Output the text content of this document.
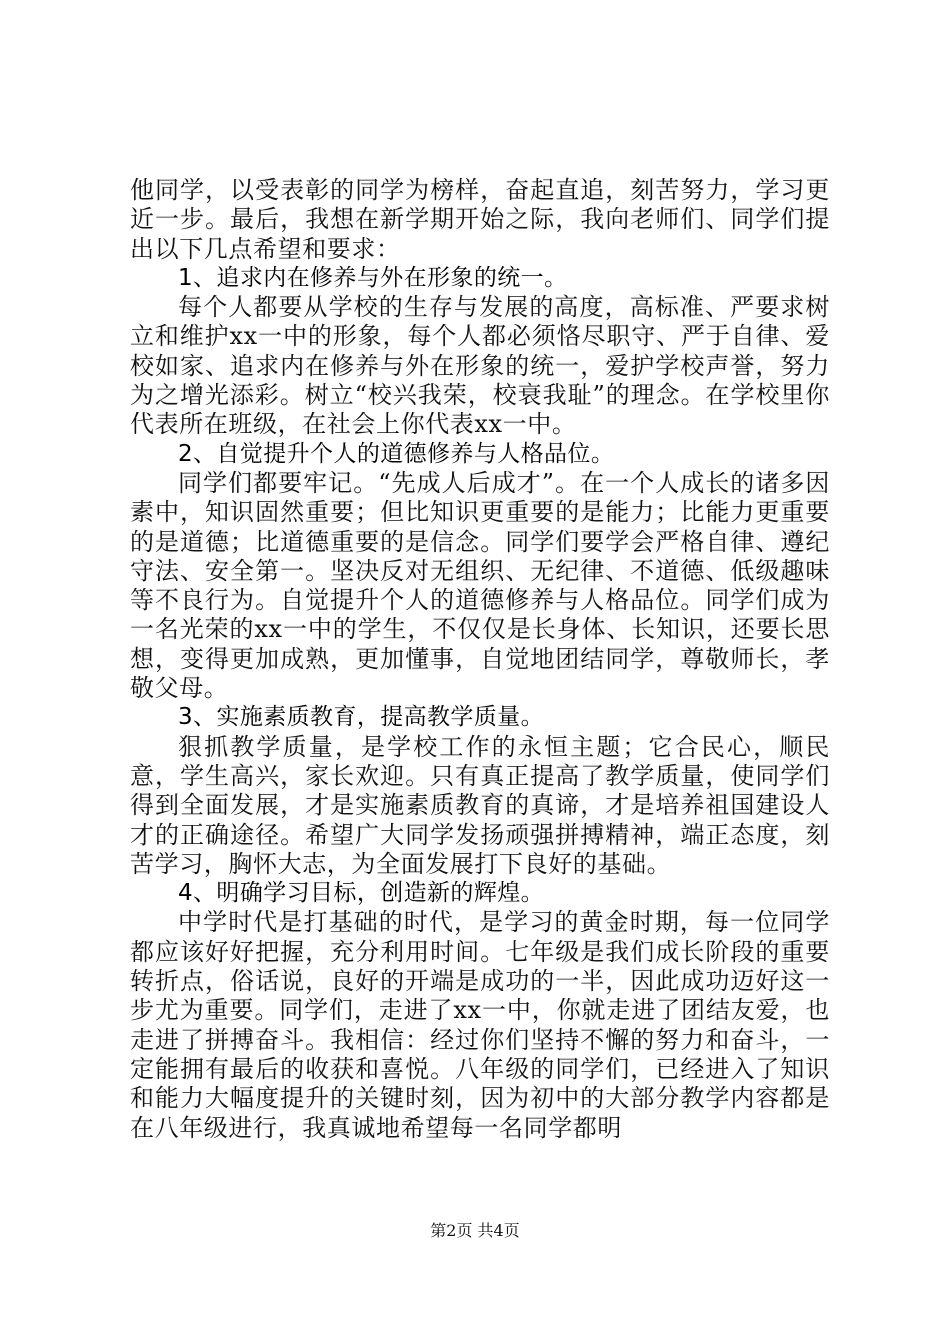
他同学，以受表彰的同学为榜样，奋起直追，刻苦努力，学习更近一步。最后，我想在新学期开始之际，我向老师们、同学们提出以下几点希望和要求：

1、追求内在修养与外在形象的统一。

每个人都要从学校的生存与发展的高度，高标准、严要求树立和维护xx一中的形象，每个人都必须恪尽职守、严于自律、爱校如家、追求内在修养与外在形象的统一，爱护学校声誉，努力为之增光添彩。树立“校兴我荣，校衰我耻”的理念。在学校里你代表所在班级，在社会上你代表xx一中。

2、自觉提升个人的道德修养与人格品位。

同学们都要牢记。“先成人后成才”。在一个人成长的诸多因素中，知识固然重要；但比知识更重要的是能力；比能力更重要的是道德；比道德重要的是信念。同学们要学会严格自律、遵纪守法、安全第一。坚决反对无组织、无纪律、不道德、低级趣味等不良行为。自觉提升个人的道德修养与人格品位。同学们成为一名光荣的xx一中的学生，不仅仅是长身体、长知识，还要长思想，变得更加成熟，更加懂事，自觉地团结同学，尊敬师长，孝敬父母。

3、实施素质教育，提高教学质量。

狠抓教学质量，是学校工作的永恒主题；它合民心，顺民意，学生高兴，家长欢迎。只有真正提高了教学质量，使同学们得到全面发展，才是实施素质教育的真谛，才是培养祖国建设人才的正确途径。希望广大同学发扬顽强拼搏精神，端正态度，刻苦学习，胸怀大志，为全面发展打下良好的基础。

4、明确学习目标，创造新的辉煌。

中学时代是打基础的时代，是学习的黄金时期，每一位同学都应该好好把握，充分利用时间。七年级是我们成长阶段的重要转折点，俗话说，良好的开端是成功的一半，因此成功迈好这一步尤为重要。同学们，走进了xx一中，你就走进了团结友爱，也走进了拼搏奋斗。我相信：经过你们坚持不懈的努力和奋斗，一定能拥有最后的收获和喜悦。八年级的同学们，已经进入了知识和能力大幅度提升的关键时刻，因为初中的大部分教学内容都是在八年级进行，我真诚地希望每一名同学都明

第2页 共4页
